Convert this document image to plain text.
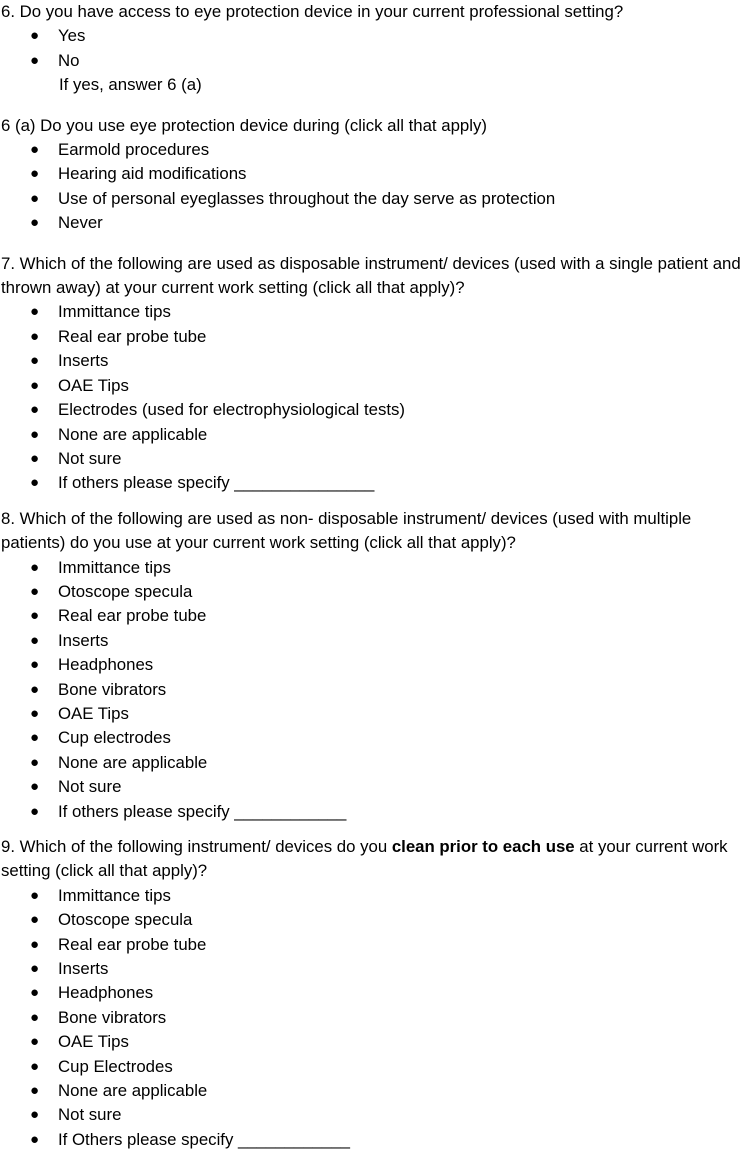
6. Do you have access to eye protection device in your current professional setting?

● Yes
● No

If yes, answer 6 (a)

6 (a) Do you use eye protection device during (click all that apply)

● Earmold procedures
● Hearing aid modifications
● Use of personal eyeglasses throughout the day serve as protection
● Never

7. Which of the following are used as disposable instrument/ devices (used with a single patient and thrown away) at your current work setting (click all that apply)?

● Immittance tips
● Real ear probe tube
● Inserts
● OAE Tips
● Electrodes (used for electrophysiological tests)
● None are applicable
● Not sure
● If others please specify _______________

8. Which of the following are used as non- disposable instrument/ devices (used with multiple patients) do you use at your current work setting (click all that apply)?

● Immittance tips
● Otoscope specula
● Real ear probe tube
● Inserts
● Headphones
● Bone vibrators
● OAE Tips
● Cup electrodes
● None are applicable
● Not sure
● If others please specify ____________

9. Which of the following instrument/ devices do you clean prior to each use at your current work setting (click all that apply)?

● Immittance tips
● Otoscope specula
● Real ear probe tube
● Inserts
● Headphones
● Bone vibrators
● OAE Tips
● Cup Electrodes
● None are applicable
● Not sure
● If Others please specify ____________
